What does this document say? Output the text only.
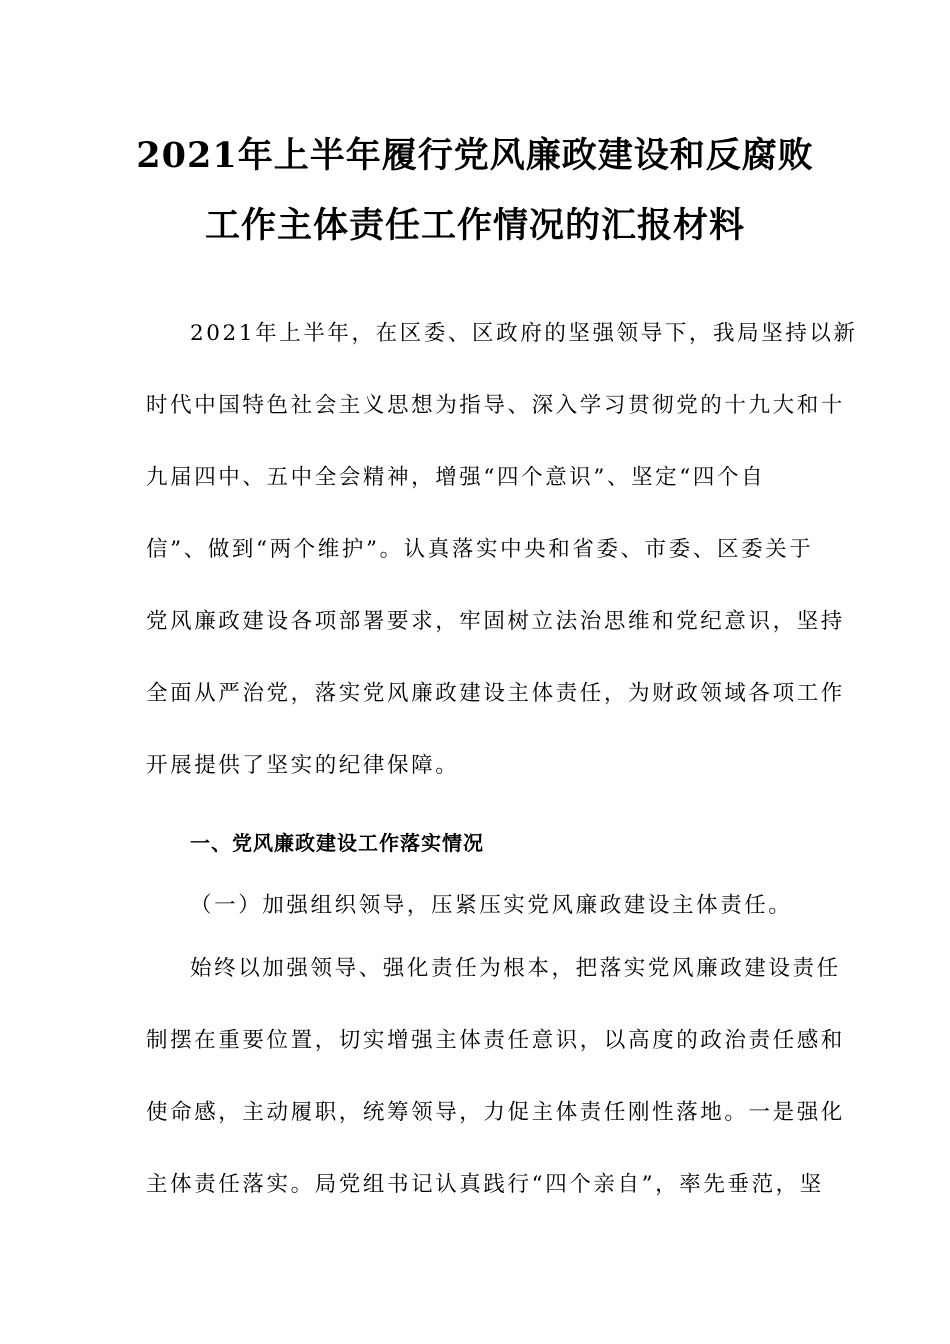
2021年上半年履行党风廉政建设和反腐败
工作主体责任工作情况的汇报材料
2021年上半年，在区委、区政府的坚强领导下，我局坚持以新
时代中国特色社会主义思想为指导、深入学习贯彻党的十九大和十
九届四中、五中全会精神，增强“四个意识”、坚定“四个自
信”、做到“两个维护”。认真落实中央和省委、市委、区委关于
党风廉政建设各项部署要求，牢固树立法治思维和党纪意识，坚持
全面从严治党，落实党风廉政建设主体责任，为财政领域各项工作
开展提供了坚实的纪律保障。
一、党风廉政建设工作落实情况
（一）加强组织领导，压紧压实党风廉政建设主体责任。
始终以加强领导、强化责任为根本，把落实党风廉政建设责任
制摆在重要位置，切实增强主体责任意识，以高度的政治责任感和
使命感，主动履职，统筹领导，力促主体责任刚性落地。一是强化
主体责任落实。局党组书记认真践行“四个亲自”，率先垂范，坚
